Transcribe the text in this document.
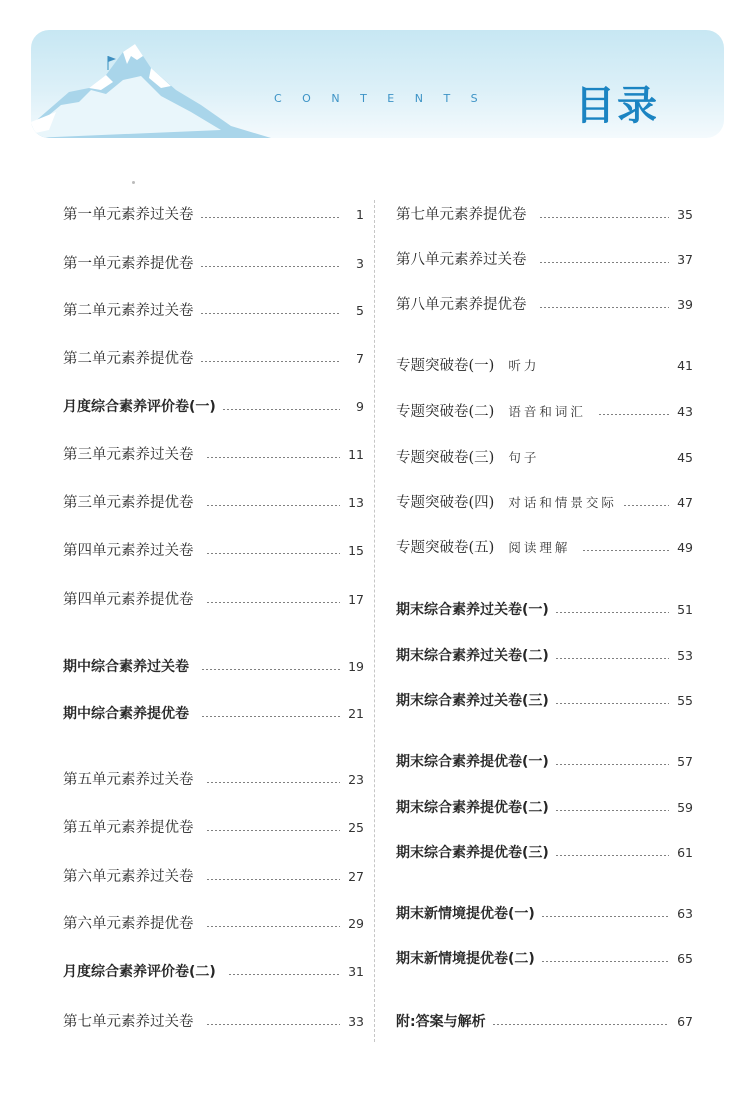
CONTENTS 目录
第一单元素养过关卷	1
第一单元素养提优卷	3
第二单元素养过关卷	5
第二单元素养提优卷	7
月度综合素养评价卷(一)	9
第三单元素养过关卷	11
第三单元素养提优卷	13
第四单元素养过关卷	15
第四单元素养提优卷	17
期中综合素养过关卷	19
期中综合素养提优卷	21
第五单元素养过关卷	23
第五单元素养提优卷	25
第六单元素养过关卷	27
第六单元素养提优卷	29
月度综合素养评价卷(二)	31
第七单元素养过关卷	33
第七单元素养提优卷	35
第八单元素养过关卷	37
第八单元素养提优卷	39
专题突破卷(一) 听力	41
专题突破卷(二) 语音和词汇	43
专题突破卷(三) 句子	45
专题突破卷(四) 对话和情景交际	47
专题突破卷(五) 阅读理解	49
期末综合素养过关卷(一)	51
期末综合素养过关卷(二)	53
期末综合素养过关卷(三)	55
期末综合素养提优卷(一)	57
期末综合素养提优卷(二)	59
期末综合素养提优卷(三)	61
期末新情境提优卷(一)	63
期末新情境提优卷(二)	65
附:答案与解析	67
